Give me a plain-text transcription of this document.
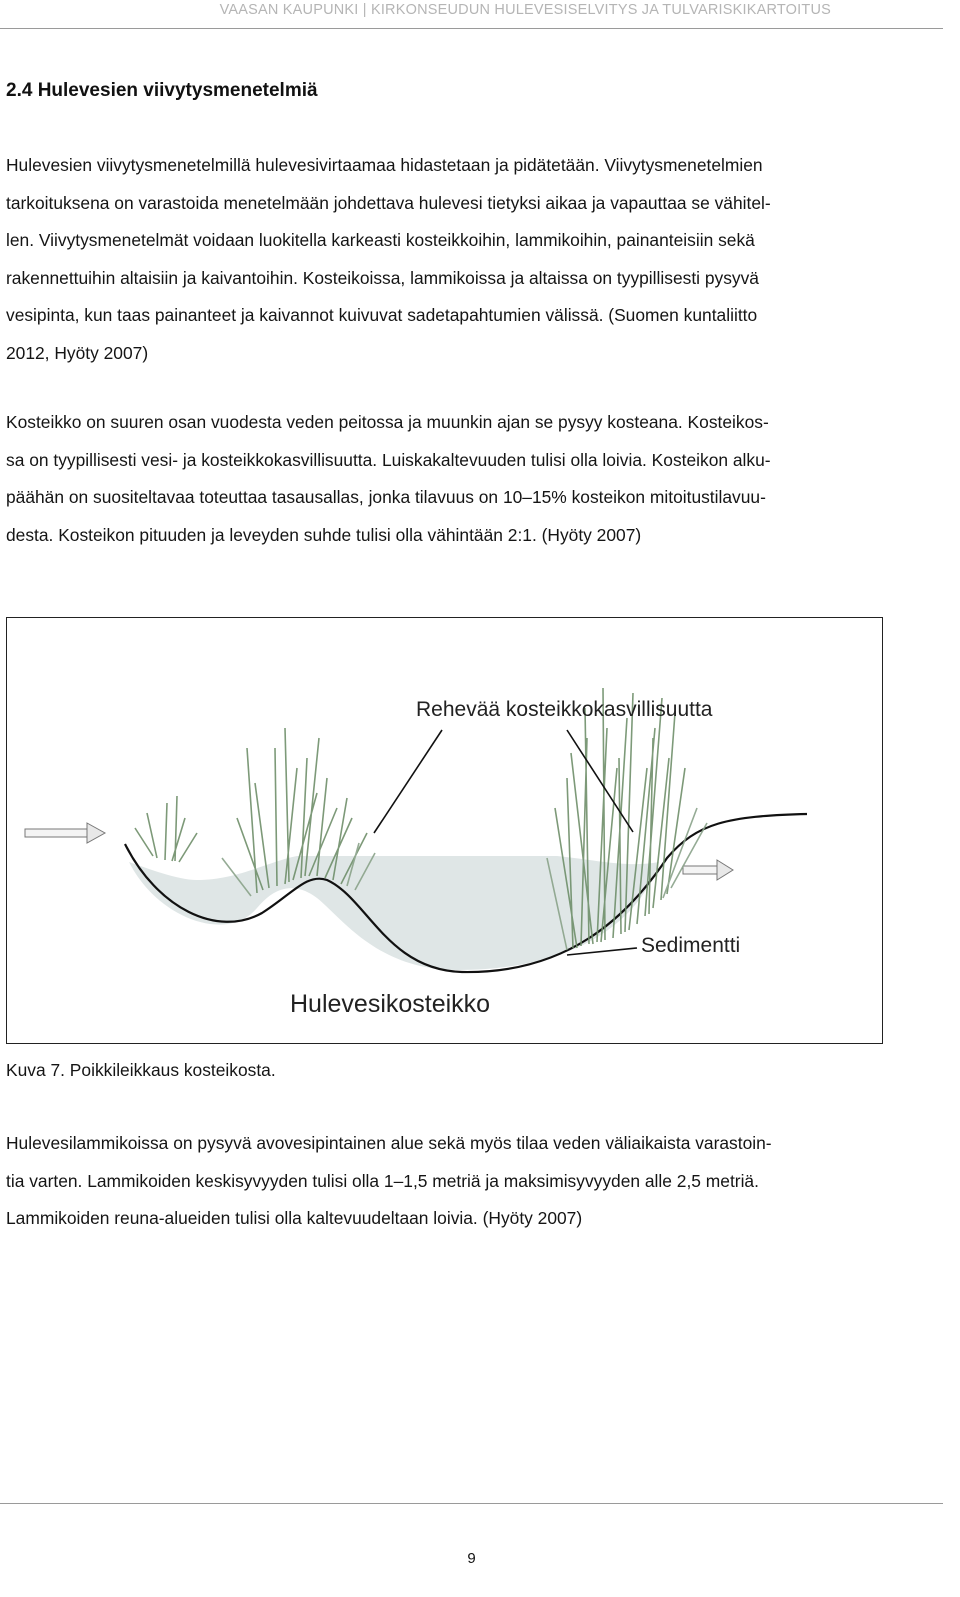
VAASAN KAUPUNKI | KIRKONSEUDUN HULEVESISELVITYS JA TULVARISKIKARTOITUS
2.4 Hulevesien viivytysmenetelmiä

Hulevesien viivytysmenetelmillä hulevesivirtaamaa hidastetaan ja pidätetään. Viivytysmenetelmien
tarkoituksena on varastoida menetelmään johdettava hulevesi tietyksi aikaa ja vapauttaa se vähitel-
len. Viivytysmenetelmät voidaan luokitella karkeasti kosteikkoihin, lammikoihin, painanteisiin sekä
rakennettuihin altaisiin ja kaivantoihin. Kosteikoissa, lammikoissa ja altaissa on tyypillisesti pysyvä
vesipinta, kun taas painanteet ja kaivannot kuivuvat sadetapahtumien välissä. (Suomen kuntaliitto
2012, Hyöty 2007)

Kosteikko on suuren osan vuodesta veden peitossa ja muunkin ajan se pysyy kosteana. Kosteikos-
sa on tyypillisesti vesi- ja kosteikkokasvillisuutta. Luiskakaltevuuden tulisi olla loivia. Kosteikon alku-
päähän on suositeltavaa toteuttaa tasausallas, jonka tilavuus on 10–15% kosteikon mitoitustilavuu-
desta. Kosteikon pituuden ja leveyden suhde tulisi olla vähintään 2:1. (Hyöty 2007)

Rehevää kosteikkokasvillisuutta
Sedimentti
Hulevesikosteikko

Kuva 7. Poikkileikkaus kosteikosta.

Hulevesilammikoissa on pysyvä avovesipintainen alue sekä myös tilaa veden väliaikaista varastoin-
tia varten. Lammikoiden keskisyvyyden tulisi olla 1–1,5 metriä ja maksimisyvyyden alle 2,5 metriä.
Lammikoiden reuna-alueiden tulisi olla kaltevuudeltaan loivia. (Hyöty 2007)

9
